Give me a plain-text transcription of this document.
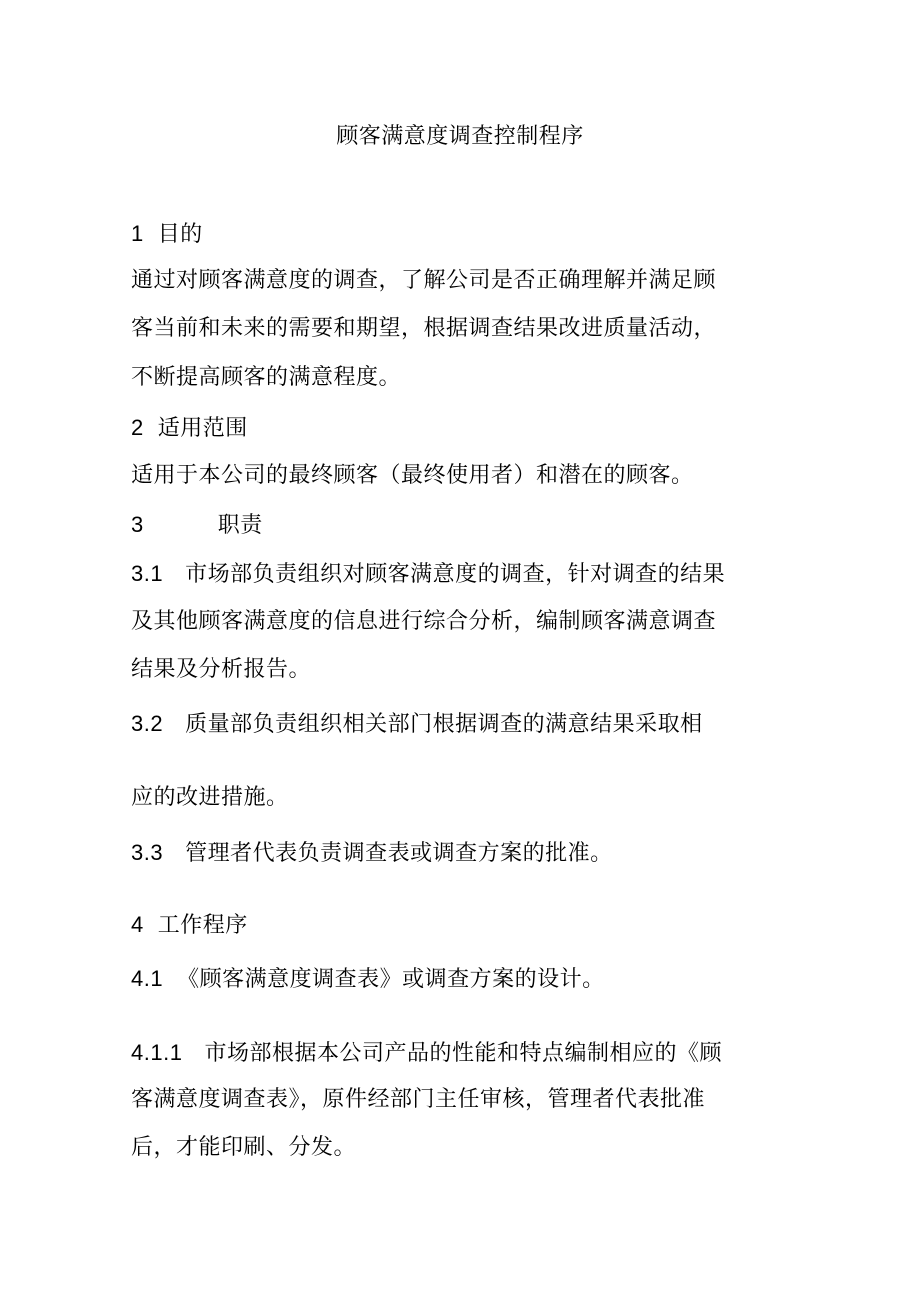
顾客满意度调查控制程序
1 目的
通过对顾客满意度的调查，了解公司是否正确理解并满足顾
客当前和未来的需要和期望，根据调查结果改进质量活动，
不断提高顾客的满意程度。
2 适用范围
适用于本公司的最终顾客（最终使用者）和潜在的顾客。
3	职责
3.1 市场部负责组织对顾客满意度的调查，针对调查的结果
及其他顾客满意度的信息进行综合分析，编制顾客满意调查
结果及分析报告。
3.2 质量部负责组织相关部门根据调查的满意结果采取相
应的改进措施。
3.3 管理者代表负责调查表或调查方案的批准。
4 工作程序
4.1 《顾客满意度调查表》或调查方案的设计。
4.1.1 市场部根据本公司产品的性能和特点编制相应的《顾
客满意度调查表》，原件经部门主任审核，管理者代表批准
后，才能印刷、分发。
